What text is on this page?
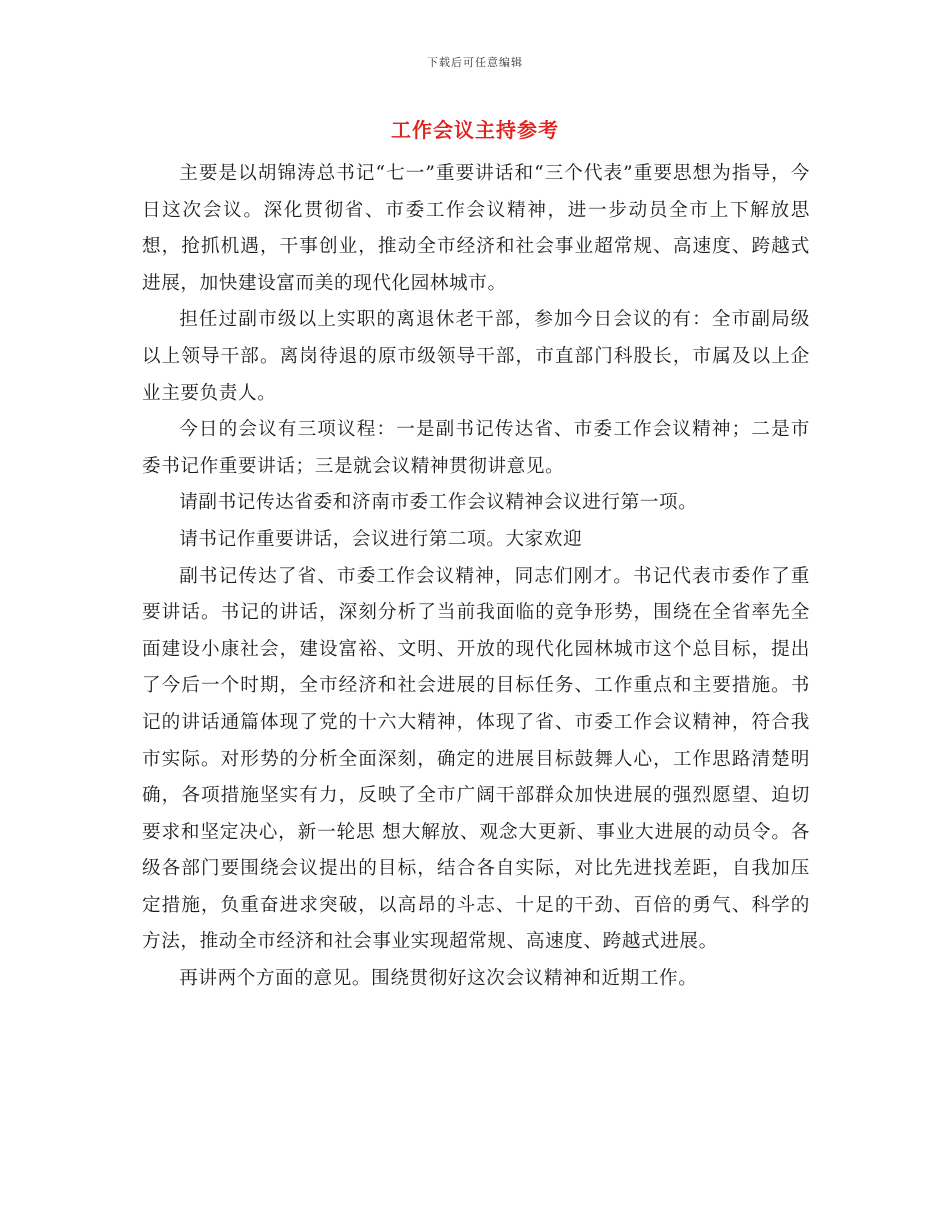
下载后可任意编辑
工作会议主持参考

主要是以胡锦涛总书记“七一”重要讲话和“三个代表”重要思想为指导，今日这次会议。深化贯彻省、市委工作会议精神，进一步动员全市上下解放思想，抢抓机遇，干事创业，推动全市经济和社会事业超常规、高速度、跨越式进展，加快建设富而美的现代化园林城市。

担任过副市级以上实职的离退休老干部，参加今日会议的有：全市副局级以上领导干部。离岗待退的原市级领导干部，市直部门科股长，市属及以上企业主要负责人。

今日的会议有三项议程：一是副书记传达省、市委工作会议精神；二是市委书记作重要讲话；三是就会议精神贯彻讲意见。

请副书记传达省委和济南市委工作会议精神会议进行第一项。

请书记作重要讲话，会议进行第二项。大家欢迎

副书记传达了省、市委工作会议精神，同志们刚才。书记代表市委作了重要讲话。书记的讲话，深刻分析了当前我面临的竞争形势，围绕在全省率先全面建设小康社会，建设富裕、文明、开放的现代化园林城市这个总目标，提出了今后一个时期，全市经济和社会进展的目标任务、工作重点和主要措施。书记的讲话通篇体现了党的十六大精神，体现了省、市委工作会议精神，符合我市实际。对形势的分析全面深刻，确定的进展目标鼓舞人心，工作思路清楚明确，各项措施坚实有力，反映了全市广阔干部群众加快进展的强烈愿望、迫切要求和坚定决心，新一轮思 想大解放、观念大更新、事业大进展的动员令。各级各部门要围绕会议提出的目标，结合各自实际，对比先进找差距，自我加压定措施，负重奋进求突破，以高昂的斗志、十足的干劲、百倍的勇气、科学的方法，推动全市经济和社会事业实现超常规、高速度、跨越式进展。

再讲两个方面的意见。围绕贯彻好这次会议精神和近期工作。
